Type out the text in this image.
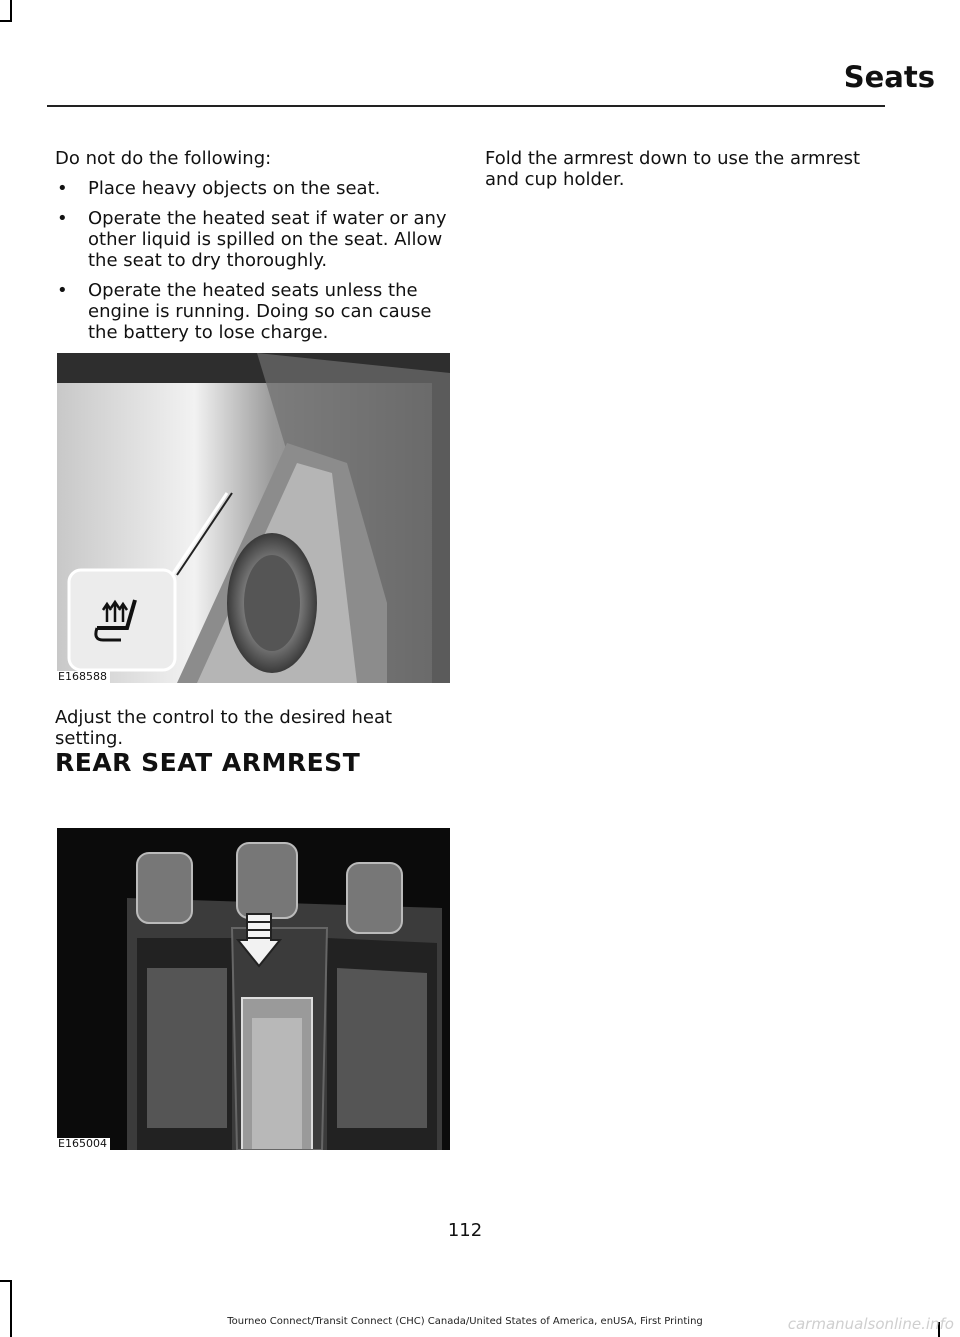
Seats

Do not do the following:

• Place heavy objects on the seat.
• Operate the heated seat if water or any other liquid is spilled on the seat. Allow the seat to dry thoroughly.
• Operate the heated seats unless the engine is running. Doing so can cause the battery to lose charge.
E168588

Adjust the control to the desired heat setting.

REAR SEAT ARMREST
E165004

Fold the armrest down to use the armrest and cup holder.

112
Tourneo Connect/Transit Connect (CHC) Canada/United States of America, enUSA, First Printing	carmanualsonline.info
